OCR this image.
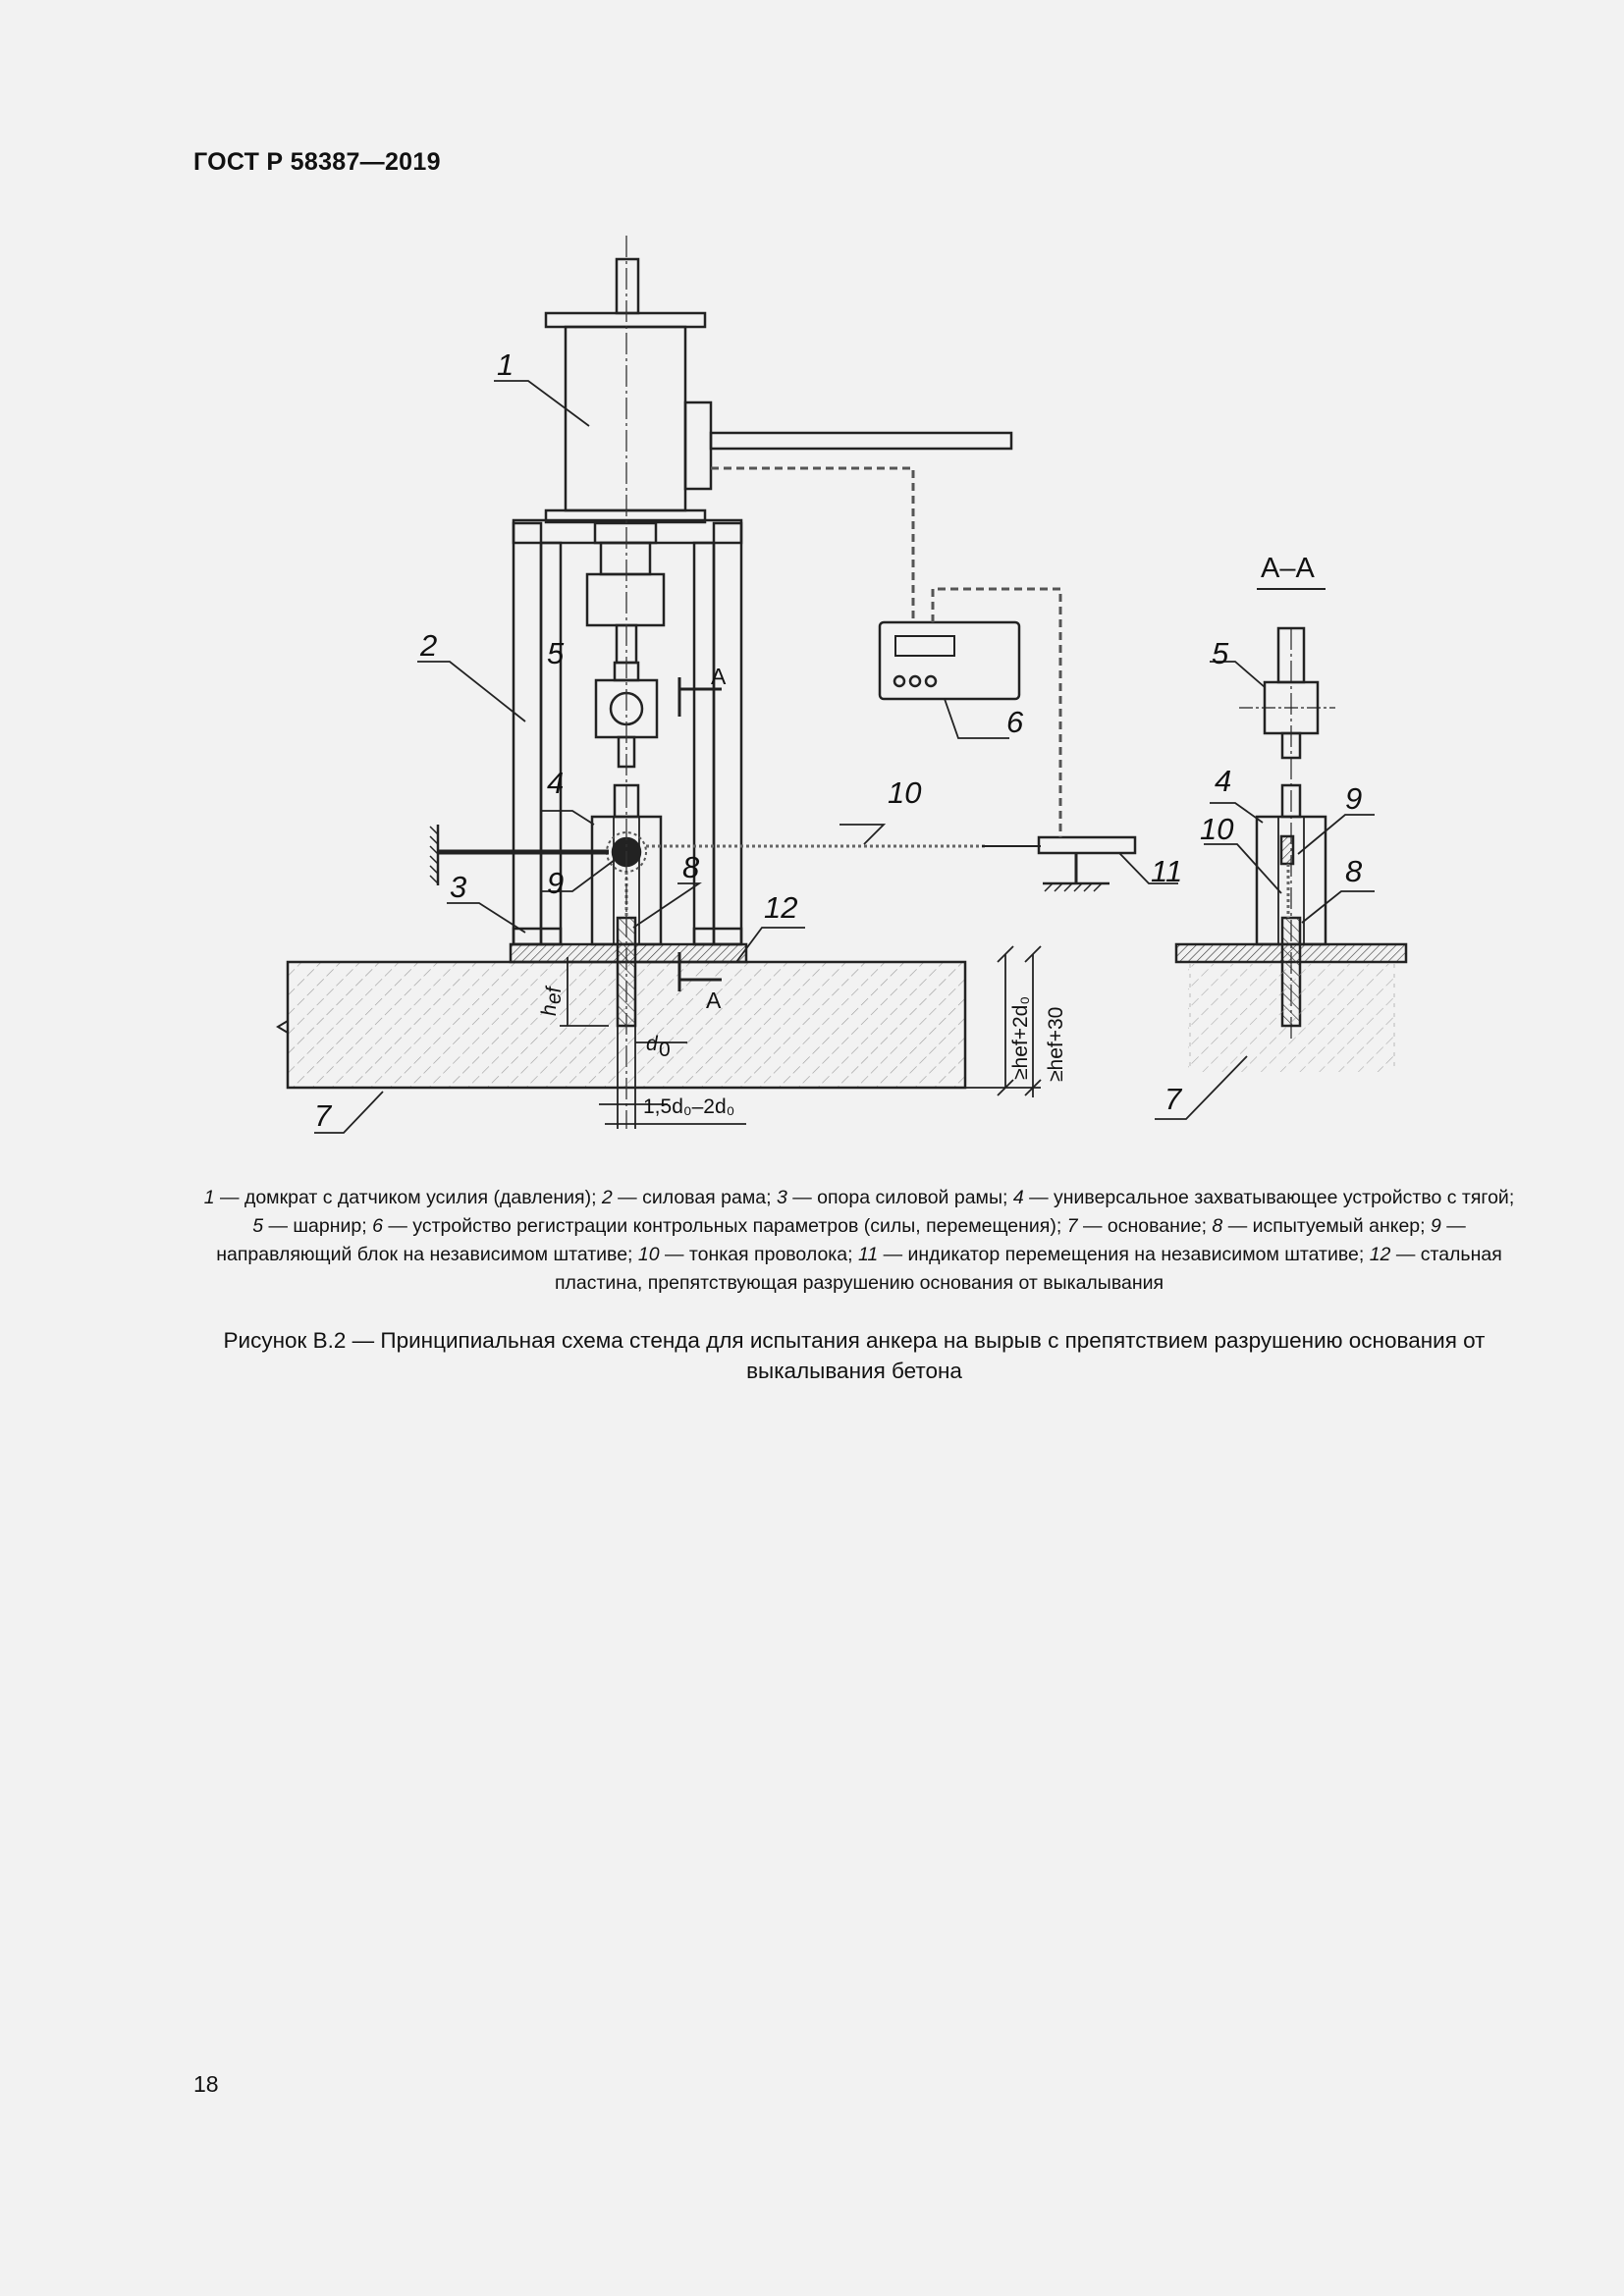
ГОСТ Р 58387—2019
1
2
3
4
5
6
7
8
9
10
11
12
А
А
А–А
5
4
10
9
8
7
h
ef
d 0
1,5d₀–2d₀
≥hef+2d₀ ≥hef+30
1 — домкрат с датчиком усилия (давления); 2 — силовая рама; 3 — опора силовой рамы; 4 — универсальное захватывающее устройство с тягой; 5 — шарнир; 6 — устройство регистрации контрольных параметров (силы, перемещения); 7 — основание; 8 — испытуемый анкер; 9 — направляющий блок на независимом штативе; 10 — тонкая проволока; 11 — индикатор перемещения на независимом штативе; 12 — стальная пластина, препятствующая разрушению основания от выкалывания
Рисунок В.2 — Принципиальная схема стенда для испытания анкера на вырыв с препятствием разрушению основания от выкалывания бетона
18
